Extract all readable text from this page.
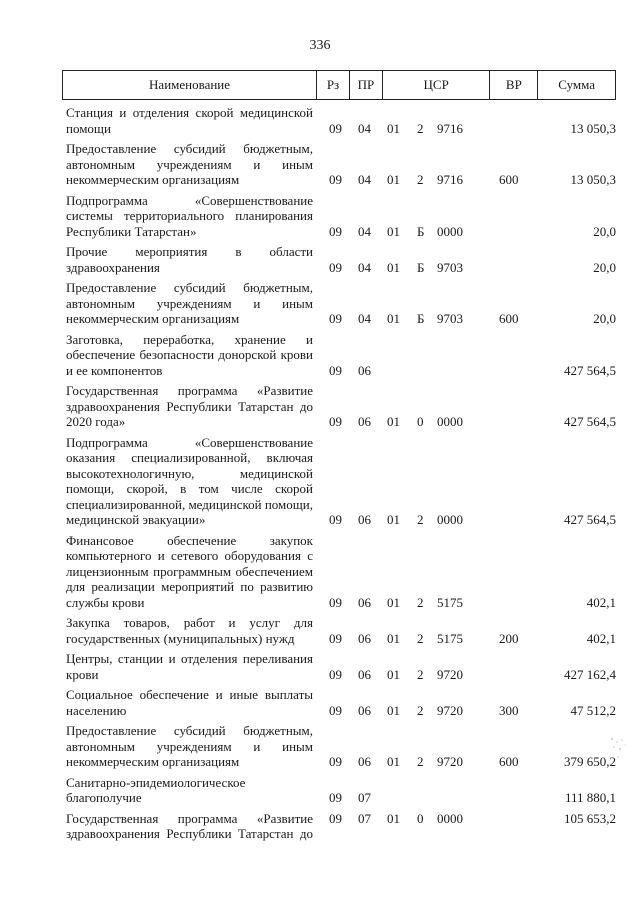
336
Наименование	Рз	ПР	ЦСР	ВР	Сумма
Станция и отделения скорой медицинской
помощи	09	04	01	2	9716	13 050,3
Предоставление субсидий бюджетным,
автономным учреждениям и иным
некоммерческим организациям	09	04	01	2	9716	600	13 050,3
Подпрограмма «Совершенствование
системы территориального планирования
Республики Татарстан»	09	04	01	Б 0000	20,0
Прочие мероприятия в области
здравоохранения	09	04	01	Б 9703	20,0
Предоставление субсидий бюджетным,
автономным учреждениям и иным
некоммерческим организациям	09	04	01	Б 9703	600	20,0
Заготовка, переработка, хранение и
обеспечение безопасности донорской крови
и ее компонентов	09	06	427 564,5
Государственная программа «Развитие
здравоохранения Республики Татарстан до
2020 года»	09	06	01	0	0000	427 564,5
Подпрограмма «Совершенствование
оказания специализированной, включая
высокотехнологичную, медицинской
помощи, скорой, в том числе скорой
специализированной, медицинской помощи,
медицинской эвакуации»	09	06	01	2	0000	427 564,5
Финансовое обеспечение закупок
компьютерного и сетевого оборудования с
лицензионным программным обеспечением
для реализации мероприятий по развитию
службы крови	09	06	01	2	5175	402,1
Закупка товаров, работ и услуг для
государственных (муниципальных) нужд	09	06	01	2	5175	200	402,1
Центры, станции и отделения переливания
крови	09	06	01	2	9720	427 162,4
Социальное обеспечение и иные выплаты
населению	09	06	01	2	9720	300	47 512,2
Предоставление субсидий бюджетным,
автономным учреждениям и иным
некоммерческим организациям	09	06	01	2	9720	600	379 650,2
Санитарно-эпидемиологическое
благополучие	09	07	111 880,1
Государственная программа «Развитие
здравоохранения Республики Татарстан до
09	07	01	0	0000	105 653,2
